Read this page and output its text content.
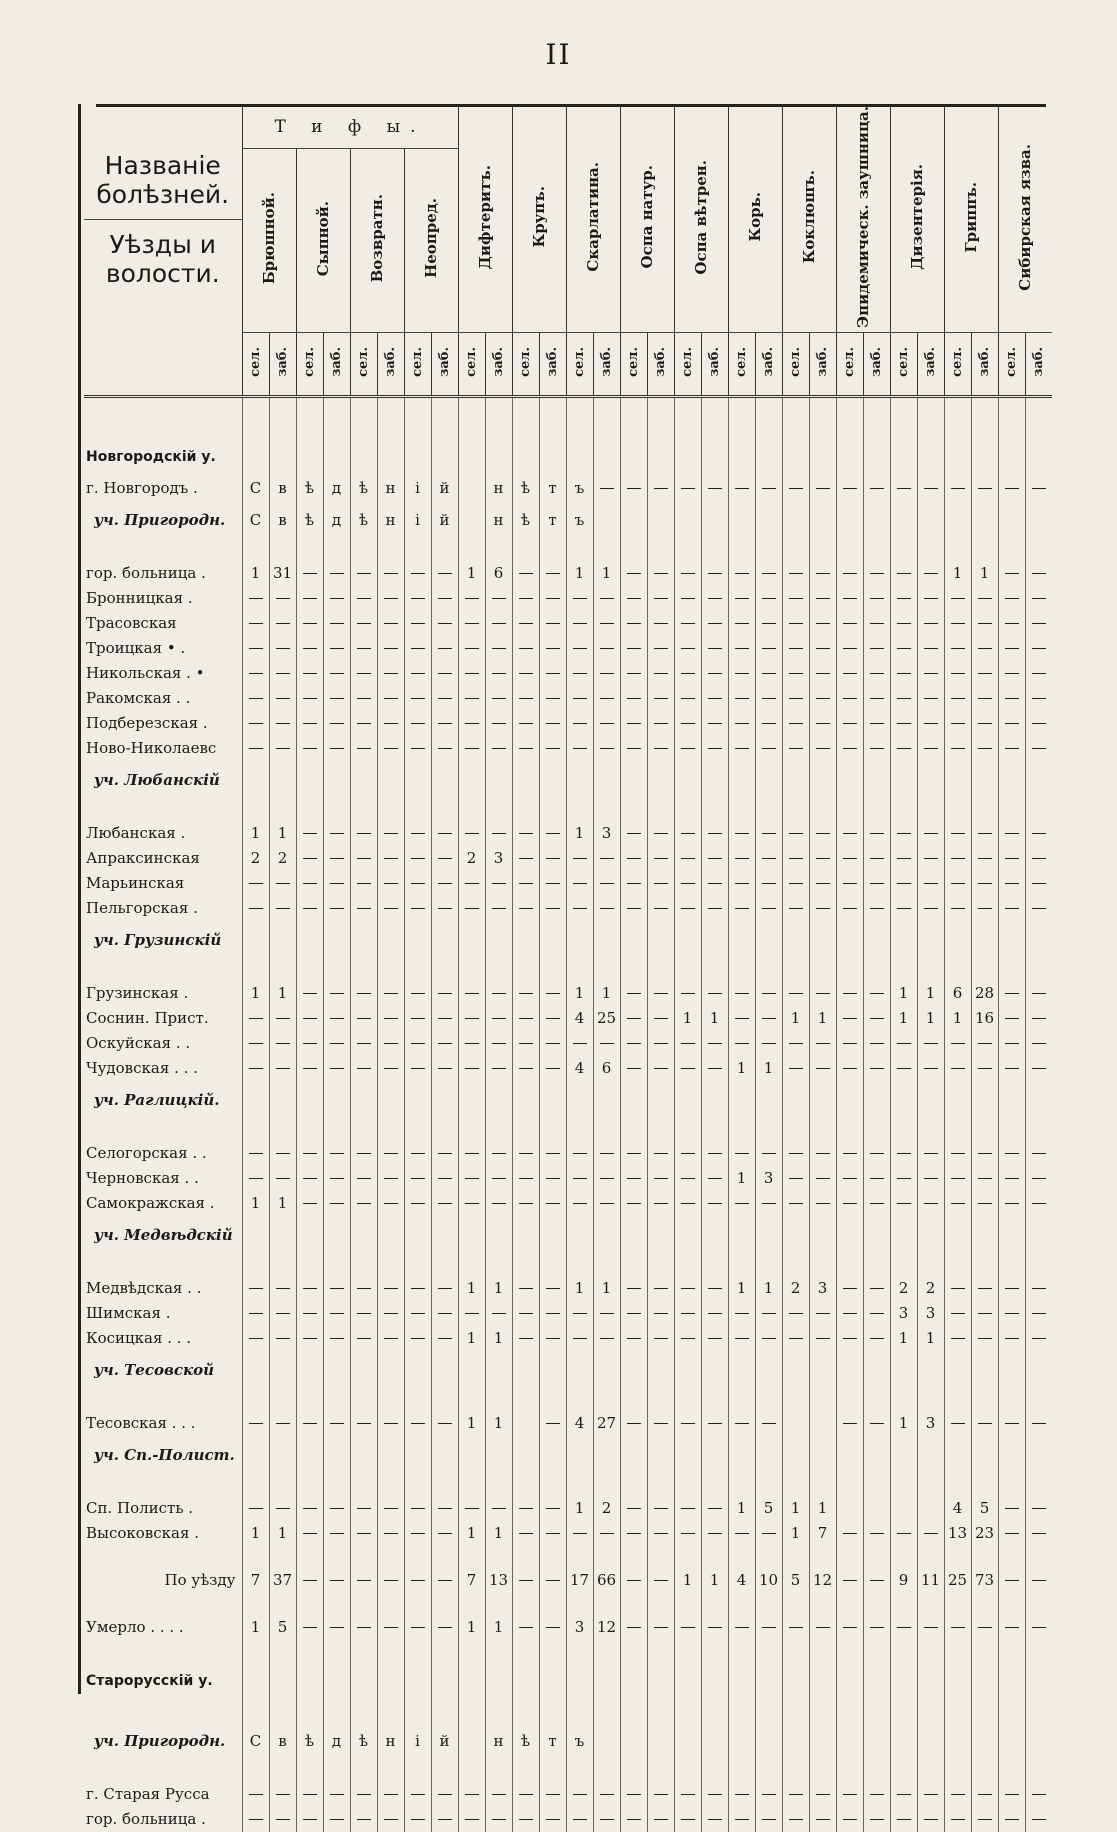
II
Названіе болѣзней.
Уѣзды и волости.	Т и ф ы.								Дифтеритъ.		Крупъ.		Скарлатина.		Оспа натур.		Оспа вѣтрен.		Корь.		Коклюшъ.		Эпидемическ. заушница.		Дизентерія.		Гриппъ.		Сибирская язва.	
	Брюшной.		Сыпной.		Возвратн.		Неопред.																							
	сел.	заб.	сел.	заб.	сел.	заб.	сел.	заб.	сел.	заб.	сел.	заб.	сел.	заб.	сел.	заб.	сел.	заб.	сел.	заб.	сел.	заб.	сел.	заб.	сел.	заб.	сел.	заб.	сел.	заб.

Новгородскій у.																														
г. Новгородъ .	С	в	ѣ	д	ѣ	н	і	й		н	ѣ	т	ъ																	
уч. Пригородн.	С	в	ѣ	д	ѣ	н	і	й		н	ѣ	т	ъ																	

гор. больница .	1	31							1	6			1	1													1	1		
Бронницкая .																														
Трасовская																														
Троицкая • .																														
Никольская . •																														
Ракомская . .																														
Подберезская .																														
Ново-Николаевс																														
уч. Любанскій																														

Любанская .	1	1											1	3																
Апраксинская	2	2							2	3																				
Марьинская																														
Пельгорская .																														
уч. Грузинскій																														

Грузинская .	1	1											1	1											1	1	6	28		
Соснин. Прист.													4	25			1	1			1	1			1	1	1	16		
Оскуйская . .																														
Чудовская . . .													4	6					1	1										
уч. Раглицкій.																														

Селогорская . .																														
Черновская . .																			1	3										
Самокражская .	1	1																												
уч. Медвѣдскій																														

Медвѣдская . .									1	1			1	1					1	1	2	3			2	2				
Шимская .																									3	3				
Косицкая . . .									1	1															1	1				
уч. Тесовской																														

Тесовская . . .									1	1			4	27											1	3				
уч. Сп.-Полист.																														

Сп. Полисть .													1	2					1	5	1	1					4	5		
Высоковская .	1	1							1	1											1	7					13	23		

По уѣзду	7	37							7	13			17	66			1	1	4	10	5	12			9	11	25	73		

Умерло . . . .	1	5							1	1			3	12																

Старорусскій у.																														

уч. Пригородн.	С	в	ѣ	д	ѣ	н	і	й		н	ѣ	т	ъ																	

г. Старая Русса																														
гор. больница .																														
